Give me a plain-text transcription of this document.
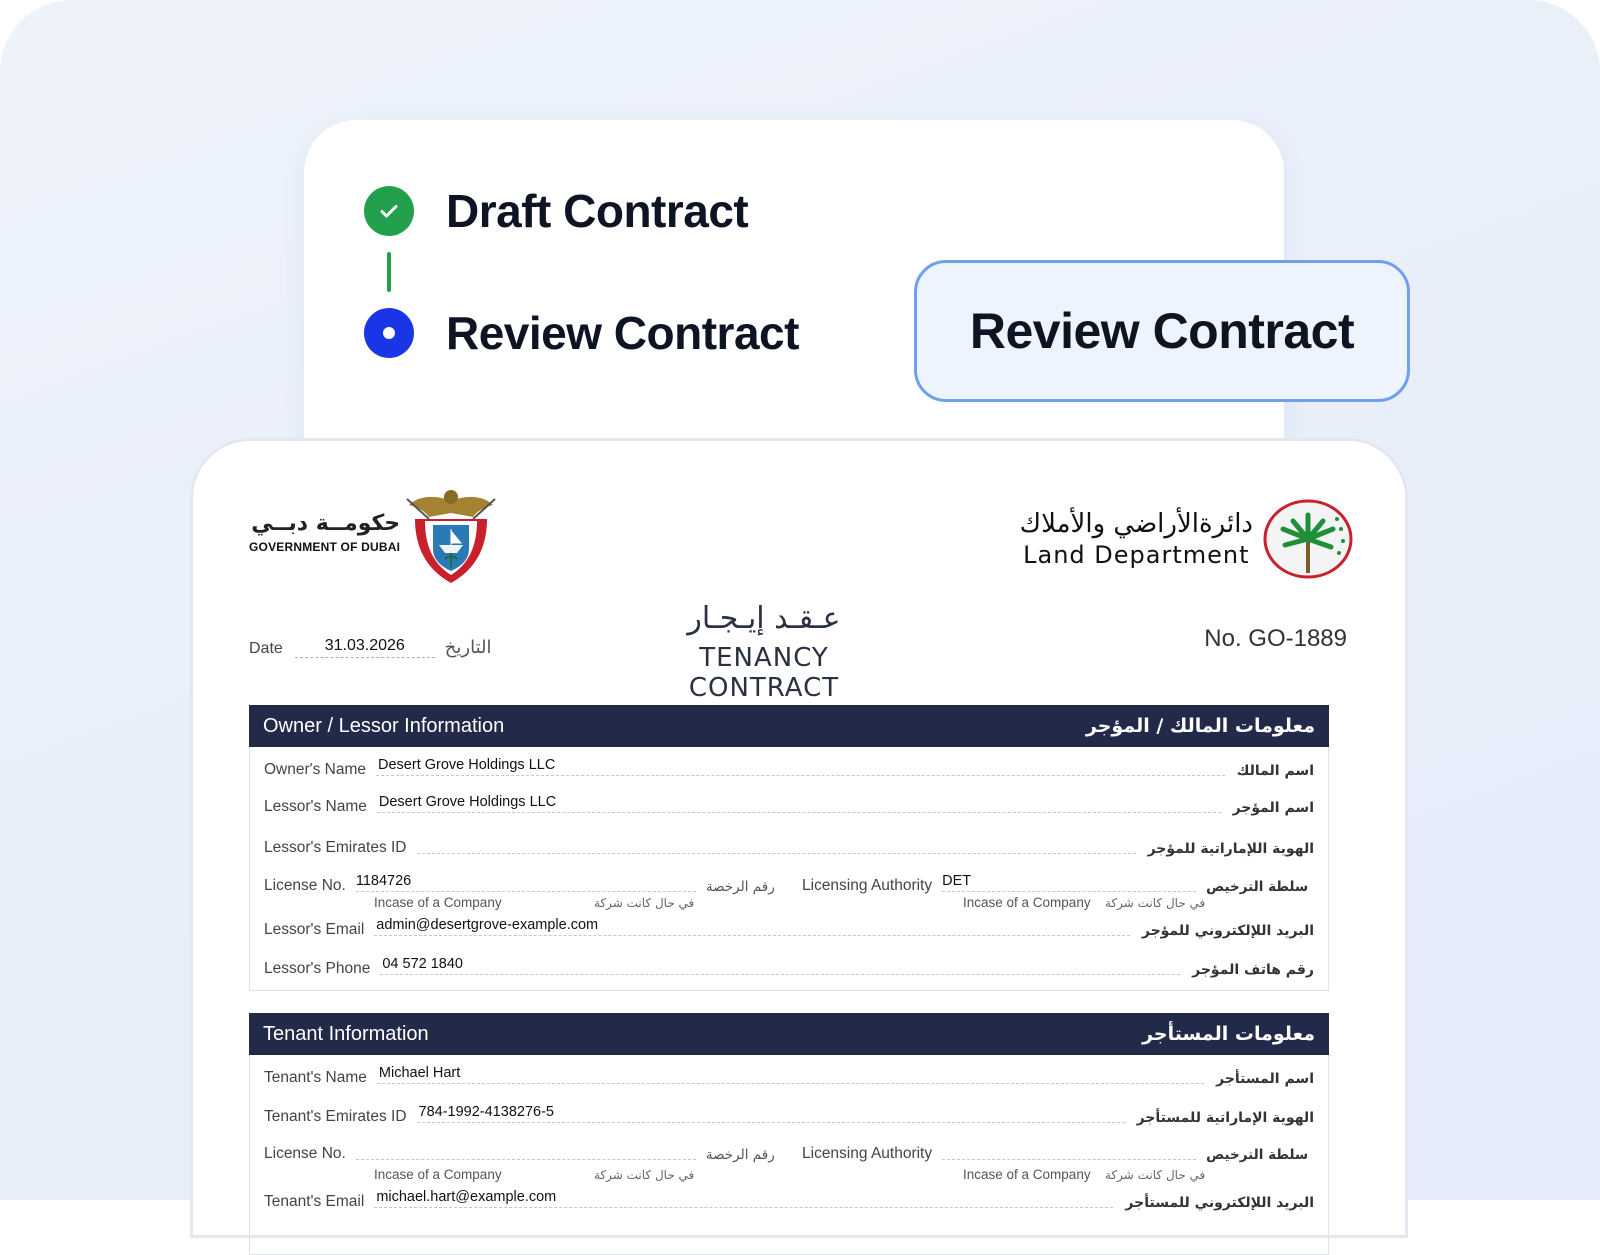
Draft Contract
Review Contract	Review Contract
حكومــة دبــي
GOVERNMENT OF DUBAI
دائرةالأراضي والأملاك
Land Department
عـقـد إيـجـار
TENANCY CONTRACT
Date	31.03.2026	التاريخ	No. GO-1889
Owner / Lessor Information	معلومات المالك / المؤجر
Owner's Name Desert Grove Holdings LLC	اسم المالك
Lessor's Name Desert Grove Holdings LLC	اسم المؤجر
Lessor's Emirates ID	الهوية اللإماراتية للمؤجر
License No. 1184726	رقم الرخصة
Incase of a Company	في حال كانت شركة
Licensing Authority DET	سلطة الترخيص
Incase of a Company في حال كانت شركة
Lessor's Email admin@desertgrove-example.com	البريد اللإلكتروني للمؤجر
Lessor's Phone 04 572 1840	رقم هاتف المؤجر
Tenant Information	معلومات المستأجر
Tenant's Name Michael Hart	اسم المستأجر
Tenant's Emirates ID 784-1992-4138276-5	الهوية الإماراتية للمستأجر
License No.	رقم الرخصة
Incase of a Company	في حال كانت شركة
Licensing Authority	سلطة الترخيص
Incase of a Company في حال كانت شركة
Tenant's Email michael.hart@example.com	البريد اللإلكتروني للمستأجر
